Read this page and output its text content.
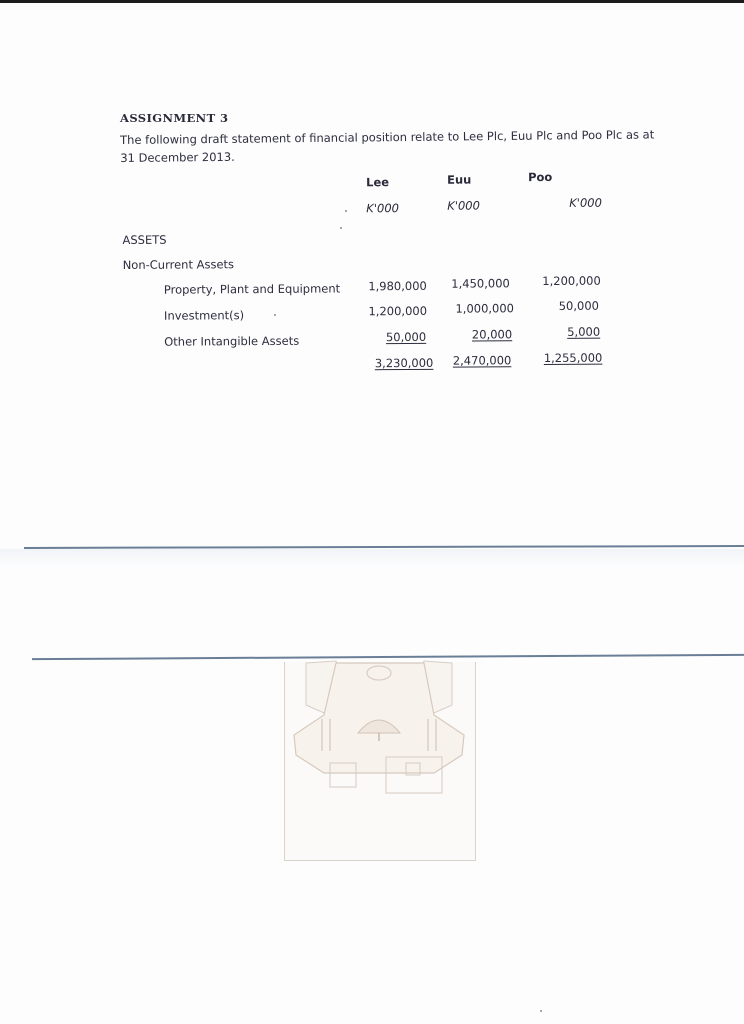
ASSIGNMENT 3
The following draft statement of financial position relate to Lee Plc, Euu Plc and Poo Plc as at 31 December 2013.
Lee	Euu	Poo
K'000	K'000	K'000
ASSETS
Non-Current Assets
Property, Plant and Equipment	1,980,000	1,450,000	1,200,000
Investment(s)	1,200,000	1,000,000	50,000
Other Intangible Assets	50,000	20,000	5,000
3,230,000	2,470,000	1,255,000
